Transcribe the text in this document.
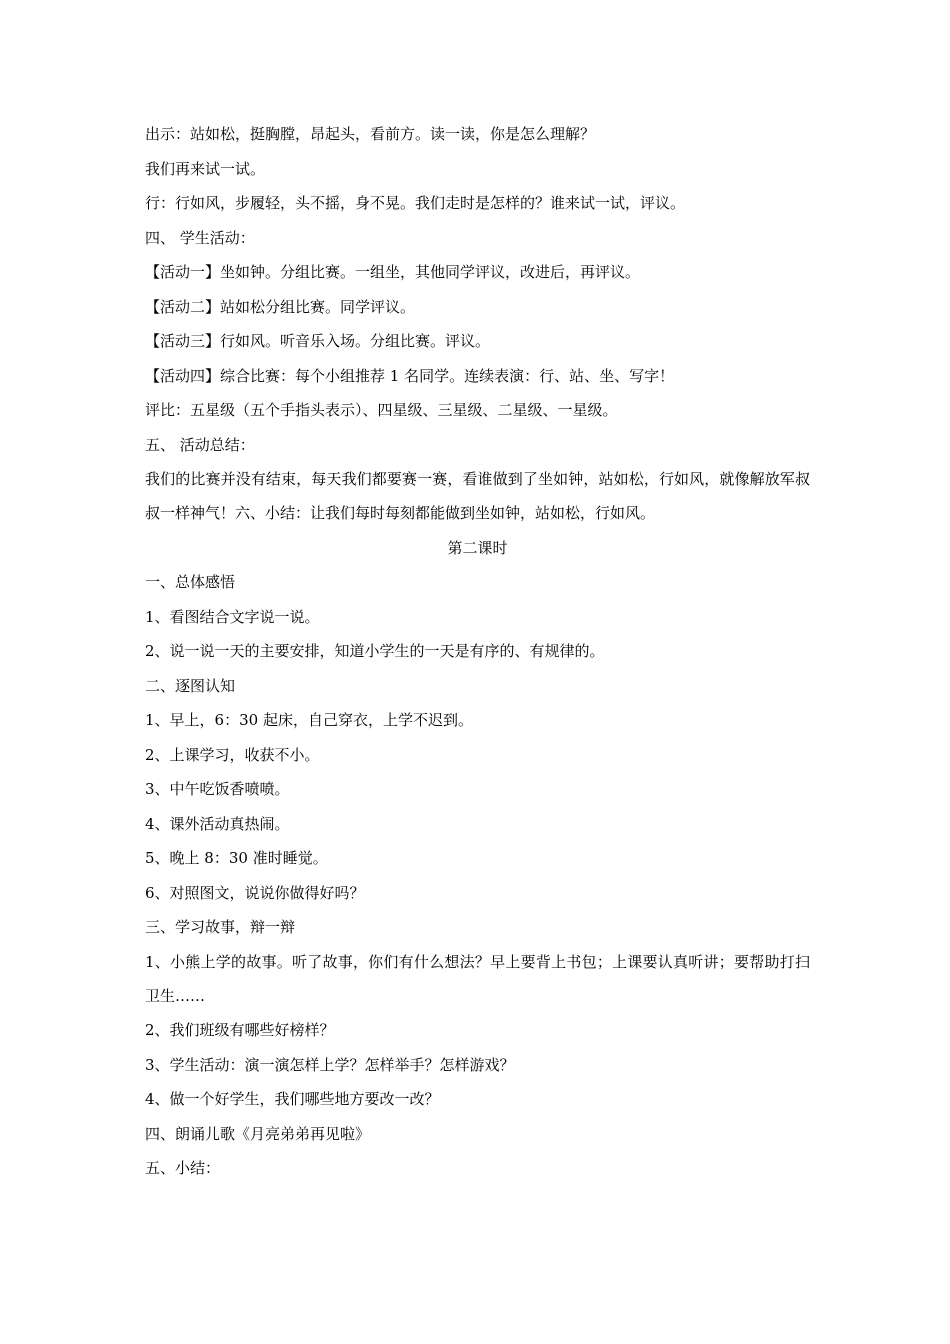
出示：站如松，挺胸膛，昂起头，看前方。读一读，你是怎么理解？
我们再来试一试。
行：行如风，步履轻，头不摇，身不晃。我们走时是怎样的？谁来试一试，评议。
四、 学生活动：
【活动一】坐如钟。分组比赛。一组坐，其他同学评议，改进后，再评议。
【活动二】站如松分组比赛。同学评议。
【活动三】行如风。听音乐入场。分组比赛。评议。
【活动四】综合比赛：每个小组推荐 1 名同学。连续表演：行、站、坐、写字！
评比：五星级（五个手指头表示）、四星级、三星级、二星级、一星级。
五、 活动总结：
我们的比赛并没有结束，每天我们都要赛一赛，看谁做到了坐如钟，站如松，行如风，就像解放军叔叔一样神气！六、小结：让我们每时每刻都能做到坐如钟，站如松，行如风。
第二课时
一、总体感悟
1、看图结合文字说一说。
2、说一说一天的主要安排，知道小学生的一天是有序的、有规律的。
二、逐图认知
1、早上，6：30 起床，自己穿衣，上学不迟到。
2、上课学习，收获不小。
3、中午吃饭香喷喷。
4、课外活动真热闹。
5、晚上 8：30 准时睡觉。
6、对照图文，说说你做得好吗？
三、学习故事，辩一辩
1、小熊上学的故事。听了故事，你们有什么想法？早上要背上书包；上课要认真听讲；要帮助打扫卫生……
2、我们班级有哪些好榜样？
3、学生活动：演一演怎样上学？怎样举手？怎样游戏？
4、做一个好学生，我们哪些地方要改一改？
四、朗诵儿歌《月亮弟弟再见啦》
五、小结：
